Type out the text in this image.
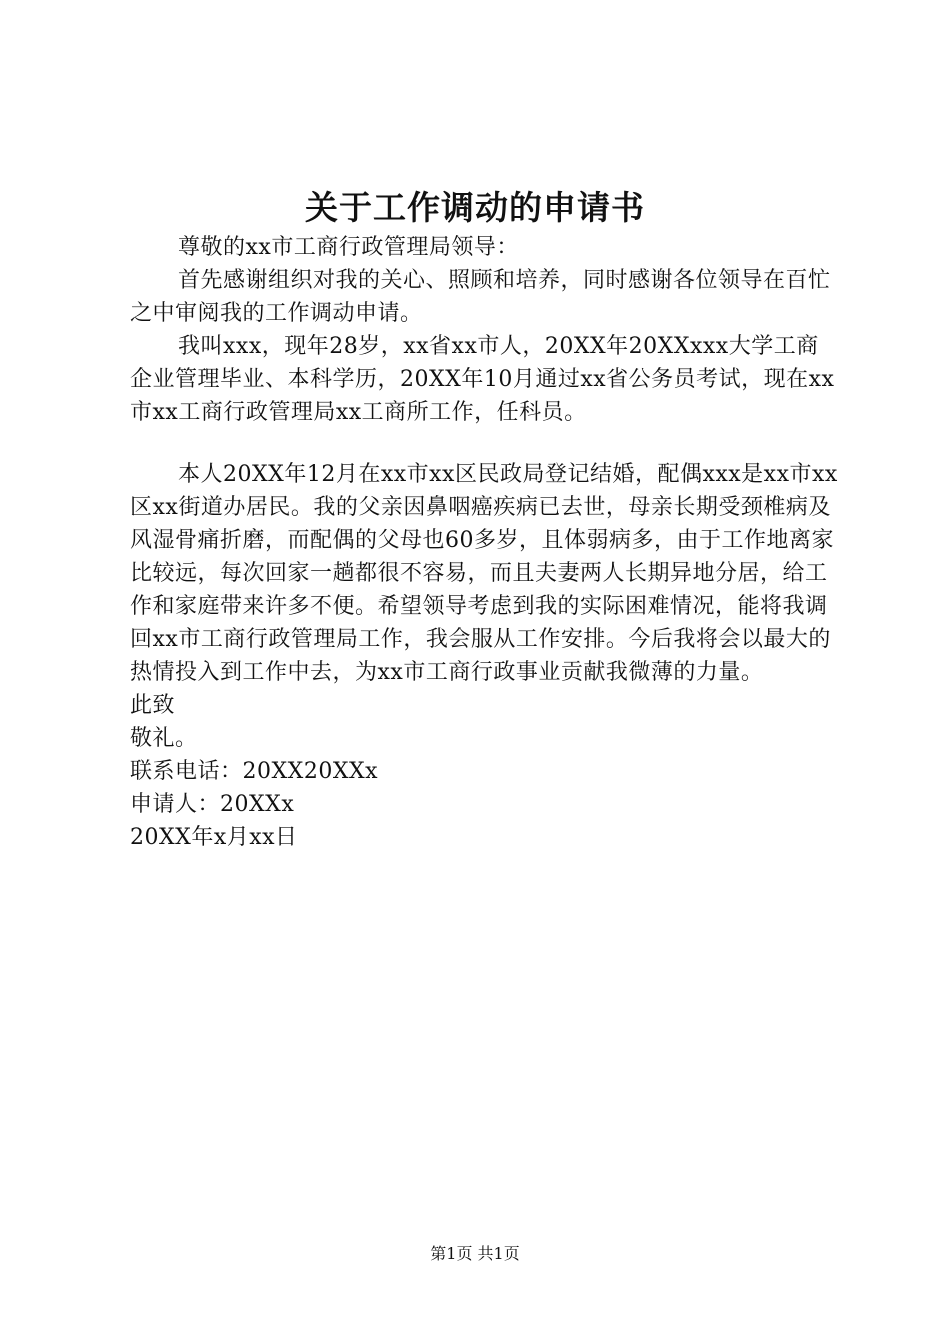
关于工作调动的申请书

尊敬的xx市工商行政管理局领导：

首先感谢组织对我的关心、照顾和培养，同时感谢各位领导在百忙之中审阅我的工作调动申请。

我叫xxx，现年28岁，xx省xx市人，20XX年20XXxxx大学工商企业管理毕业、本科学历，20XX年10月通过xx省公务员考试，现在xx市xx工商行政管理局xx工商所工作，任科员。

本人20XX年12月在xx市xx区民政局登记结婚，配偶xxx是xx市xx区xx街道办居民。我的父亲因鼻咽癌疾病已去世，母亲长期受颈椎病及风湿骨痛折磨，而配偶的父母也60多岁，且体弱病多，由于工作地离家比较远，每次回家一趟都很不容易，而且夫妻两人长期异地分居，给工作和家庭带来许多不便。希望领导考虑到我的实际困难情况，能将我调回xx市工商行政管理局工作，我会服从工作安排。今后我将会以最大的热情投入到工作中去，为xx市工商行政事业贡献我微薄的力量。

此致

敬礼。

联系电话：20XX20XXx

申请人：20XXx

20XX年x月xx日

第1页 共1页
